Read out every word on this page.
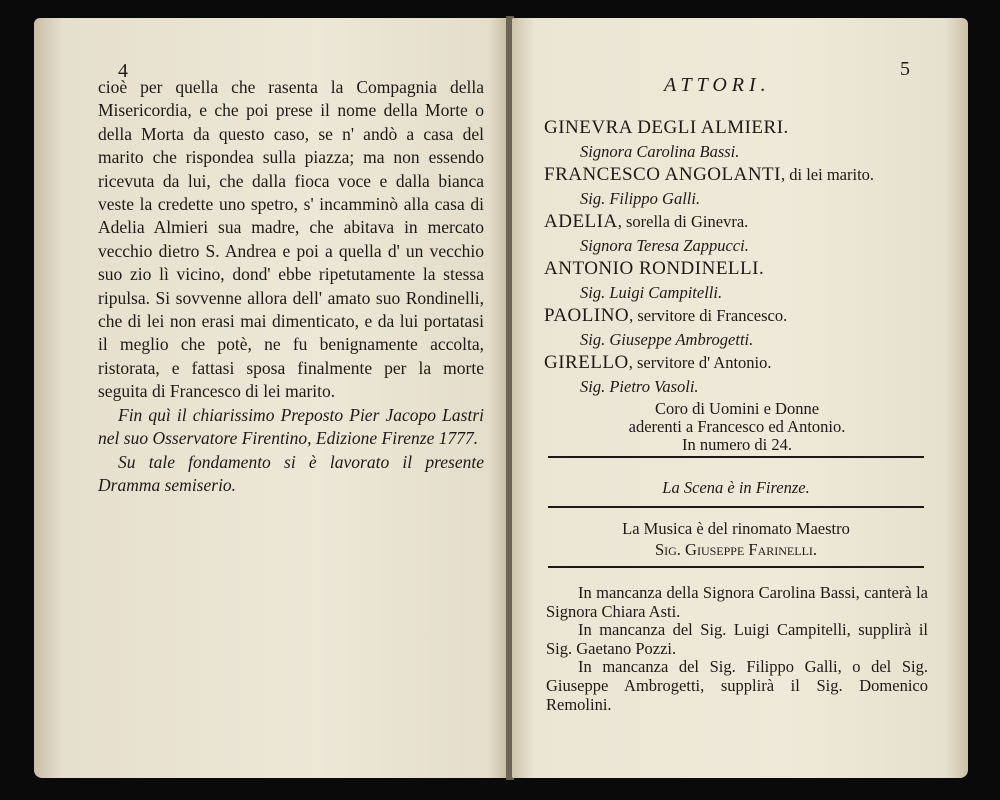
4

cioè per quella che rasenta la Compagnia della Misericordia, e che poi prese il nome della Morte o della Morta da questo caso, se n' andò a casa del marito che rispondea sulla piazza; ma non essendo ricevuta da lui, che dalla fioca voce e dalla bianca veste la credette uno spetro, s' incamminò alla casa di Adelia Almieri sua madre, che abitava in mercato vecchio dietro S. Andrea e poi a quella d' un vecchio suo zio lì vicino, dond' ebbe ripetutamente la stessa ripulsa. Si sovvenne allora dell' amato suo Rondinelli, che di lei non erasi mai dimenticato, e da lui portatasi il meglio che potè, ne fu benignamente accolta, ristorata, e fattasi sposa finalmente per la morte seguita di Francesco di lei marito.

Fin quì il chiarissimo Preposto Pier Jacopo Lastri nel suo Osservatore Firentino, Edizione Firenze 1777.

Su tale fondamento si è lavorato il presente Dramma semiserio.

ATTORI.
5
GINEVRA DEGLI ALMIERI.
Signora Carolina Bassi.
FRANCESCO ANGOLANTI, di lei marito.
Sig. Filippo Galli.
ADELIA, sorella di Ginevra.
Signora Teresa Zappucci.
ANTONIO RONDINELLI.
Sig. Luigi Campitelli.
PAOLINO, servitore di Francesco.
Sig. Giuseppe Ambrogetti.
GIRELLO, servitore d' Antonio.
Sig. Pietro Vasoli.
Coro di Uomini e Donne
aderenti a Francesco ed Antonio.
In numero di 24.
La Scena è in Firenze.
La Musica è del rinomato Maestro
Sig. Giuseppe Farinelli.

In mancanza della Signora Carolina Bassi, canterà la Signora Chiara Asti.

In mancanza del Sig. Luigi Campitelli, supplirà il Sig. Gaetano Pozzi.

In mancanza del Sig. Filippo Galli, o del Sig. Giuseppe Ambrogetti, supplirà il Sig. Domenico Remolini.
